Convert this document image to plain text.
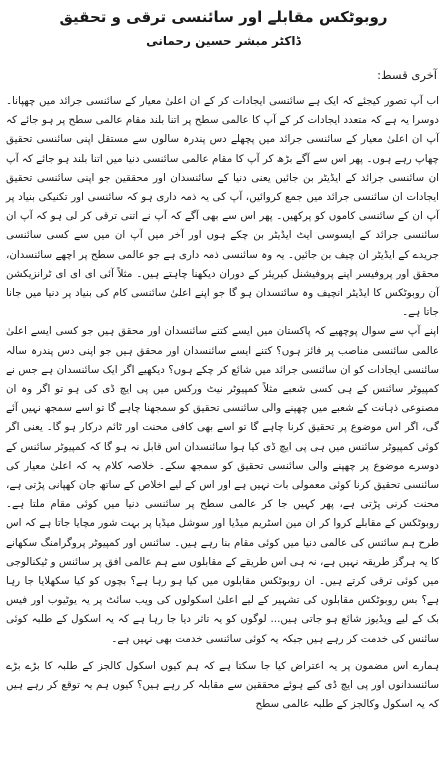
روبوٹکس مقابلے اور سائنسی ترقی و تحقیق
ڈاکٹر مبشر حسین رحمانی
آخری قسط:

اب آپ تصور کیجئے کہ ایک ہے سائنسی ایجادات کر کے ان اعلیٰ معیار کے سائنسی جرائد میں چھپانا۔ دوسرا یہ ہے کہ متعدد ایجادات کر کے آپ کا عالمی سطح پر اتنا بلند مقام عالمی سطح پر ہو جائے کہ آپ ان اعلیٰ معیار کے سائنسی جرائد میں پچھلے دس پندرہ سالوں سے مستقل اپنی سائنسی تحقیق چھاپ رہے ہوں۔ پھر اس سے آگے بڑھ کر آپ کا مقام عالمی سائنسی دنیا میں اتنا بلند ہو جائے کہ آپ ان سائنسی جرائد کے ایڈیٹر بن جائیں یعنی دنیا کے سائنسدان اور محققین جو اپنی سائنسی تحقیق ایجادات ان سائنسی جرائد میں جمع کروائیں، آپ کی یہ ذمہ داری ہو کہ سائنسی اور تکنیکی بنیاد پر آپ ان کے سائنسی کاموں کو پرکھیں۔ پھر اس سے بھی آگے کہ آپ نے اتنی ترقی کر لی ہو کہ آپ ان سائنسی جرائد کے ایسوسی ایٹ ایڈیٹر بن چکے ہوں اور آخر میں آپ ان میں سے کسی سائنسی جریدے کے ایڈیٹر ان چیف بن جائیں۔ یہ وہ سائنسی ذمہ داری ہے جو عالمی سطح پر اچھے سائنسدان، محقق اور پروفیسر اپنے پروفیشنل کیریئر کے دوران دیکھنا چاہتے ہیں۔ مثلاً آئی ای ای ای ٹرانزیکشن آن روبوٹکس کا ایڈیٹر انچیف وہ سائنسدان ہو گا جو اپنے اعلیٰ سائنسی کام کی بنیاد پر دنیا میں جانا جاتا ہے۔

اپنے آپ سے سوال پوچھیے کہ پاکستان میں ایسے کتنے سائنسدان اور محقق ہیں جو کسی ایسے اعلیٰ عالمی سائنسی مناصب پر فائز ہوں؟ کتنے ایسے سائنسدان اور محقق ہیں جو اپنی دس پندرہ سالہ سائنسی ایجادات کو ان سائنسی جرائد میں شائع کر چکے ہوں؟ دیکھیے اگر ایک سائنسدان ہے جس نے کمپیوٹر سائنس کے ہی کسی شعبے مثلاً کمپیوٹر نیٹ ورکس میں پی ایچ ڈی کی ہو تو اگر وہ ان مصنوعی ذہانت کے شعبے میں چھپنے والی سائنسی تحقیق کو سمجھنا چاہے گا تو اسے سمجھ نہیں آئے گی، اگر اس موضوع پر تحقیق کرنا چاہے گا تو اسے بھی کافی محنت اور ٹائم درکار ہو گا۔ یعنی اگر کوئی کمپیوٹر سائنس میں ہی پی ایچ ڈی کیا ہوا سائنسدان اس قابل نہ ہو گا کہ کمپیوٹر سائنس کے دوسرے موضوع پر چھپنے والی سائنسی تحقیق کو سمجھ سکے۔ خلاصہ کلام یہ کہ اعلیٰ معیار کی سائنسی تحقیق کرنا کوئی معمولی بات نہیں ہے اور اس کے لیے اخلاص کے ساتھ جان کھپانی پڑتی ہے، محنت کرنی پڑتی ہے، پھر کہیں جا کر عالمی سطح پر سائنسی دنیا میں کوئی مقام ملتا ہے۔ روبوٹکس کے مقابلے کروا کر ان مین اسٹریم میڈیا اور سوشل میڈیا پر بہت شور مچایا جاتا ہے کہ اس طرح ہم سائنس کی عالمی دنیا میں کوئی مقام بنا رہے ہیں۔ سائنس اور کمپیوٹر پروگرامنگ سکھانے کا یہ ہرگز طریقہ نہیں ہے، نہ ہی اس طریقے کے مقابلوں سے ہم عالمی افق پر سائنس و ٹیکنالوجی میں کوئی ترقی کرتے ہیں۔ ان روبوٹکس مقابلوں میں کیا ہو رہا ہے؟ بچوں کو کیا سکھلایا جا رہا ہے؟ بس روبوٹکس مقابلوں کی تشہیر کے لیے اعلیٰ اسکولوں کی ویب سائٹ پر یہ یوٹیوب اور فیس بک کے لیے ویڈیوز شائع ہو جاتی ہیں... لوگوں کو یہ تاثر دیا جا رہا ہے کہ یہ اسکول کے طلبہ کوئی سائنس کی خدمت کر رہے ہیں جبکہ یہ کوئی سائنسی خدمت بھی نہیں ہے۔

ہمارے اس مضمون پر یہ اعتراض کیا جا سکتا ہے کہ ہم کیوں اسکول کالجز کے طلبہ کا بڑے بڑے سائنسدانوں اور پی ایچ ڈی کیے ہوئے محققین سے مقابلہ کر رہے ہیں؟ کیوں ہم یہ توقع کر رہے ہیں کہ یہ اسکول وکالجز کے طلبہ عالمی سطح
